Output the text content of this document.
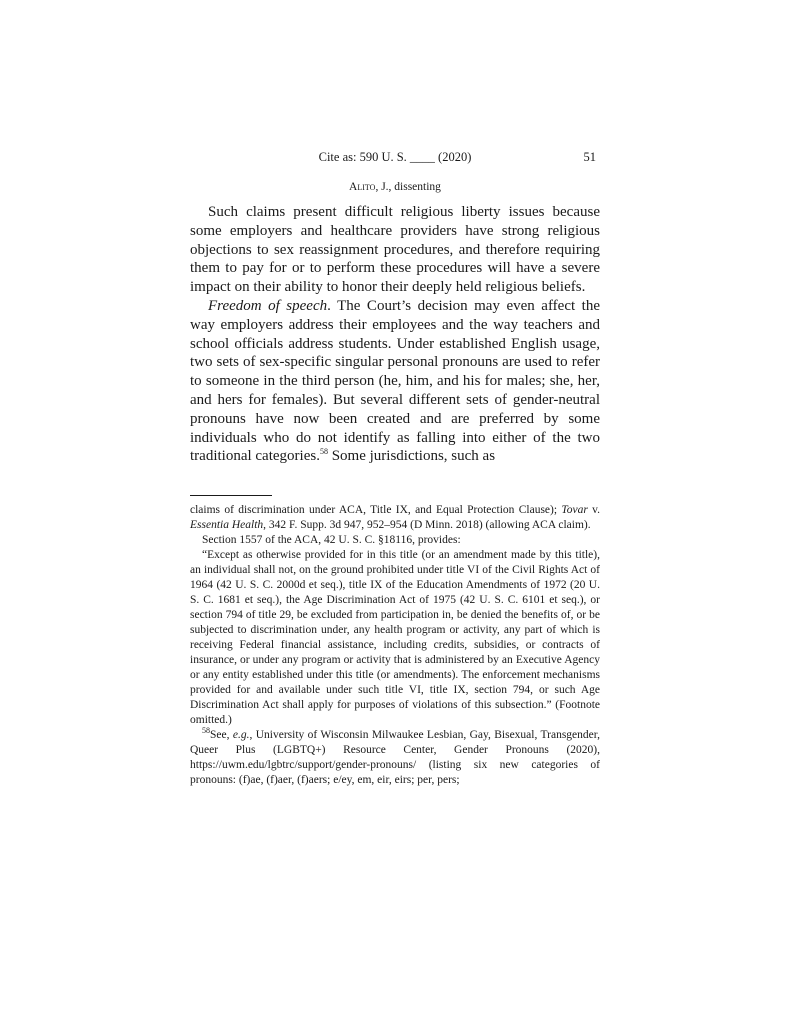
Cite as: 590 U. S. ____ (2020)	51
Alito, J., dissenting

Such claims present difficult religious liberty issues because some employers and healthcare providers have strong religious objections to sex reassignment procedures, and therefore requiring them to pay for or to perform these procedures will have a severe impact on their ability to honor their deeply held religious beliefs.

Freedom of speech. The Court’s decision may even affect the way employers address their employees and the way teachers and school officials address students. Under established English usage, two sets of sex-specific singular personal pronouns are used to refer to someone in the third person (he, him, and his for males; she, her, and hers for females). But several different sets of gender-neutral pronouns have now been created and are preferred by some individuals who do not identify as falling into either of the two traditional categories.$^{58}$ Some jurisdictions, such as

claims of discrimination under ACA, Title IX, and Equal Protection Clause); Tovar v. Essentia Health, 342 F. Supp. 3d 947, 952–954 (D Minn. 2018) (allowing ACA claim).

Section 1557 of the ACA, 42 U. S. C. §18116, provides:

“Except as otherwise provided for in this title (or an amendment made by this title), an individual shall not, on the ground prohibited under title VI of the Civil Rights Act of 1964 (42 U. S. C. 2000d et seq.), title IX of the Education Amendments of 1972 (20 U. S. C. 1681 et seq.), the Age Discrimination Act of 1975 (42 U. S. C. 6101 et seq.), or section 794 of title 29, be excluded from participation in, be denied the benefits of, or be subjected to discrimination under, any health program or activity, any part of which is receiving Federal financial assistance, including credits, subsidies, or contracts of insurance, or under any program or activity that is administered by an Executive Agency or any entity established under this title (or amendments). The enforcement mechanisms provided for and available under such title VI, title IX, section 794, or such Age Discrimination Act shall apply for purposes of violations of this subsection.” (Footnote omitted.)

$^{58}$See, e.g., University of Wisconsin Milwaukee Lesbian, Gay, Bisexual, Transgender, Queer Plus (LGBTQ+) Resource Center, Gender Pronouns (2020), https://uwm.edu/lgbtrc/support/gender-pronouns/ (listing six new categories of pronouns: (f)ae, (f)aer, (f)aers; e/ey, em, eir, eirs; per, pers;
